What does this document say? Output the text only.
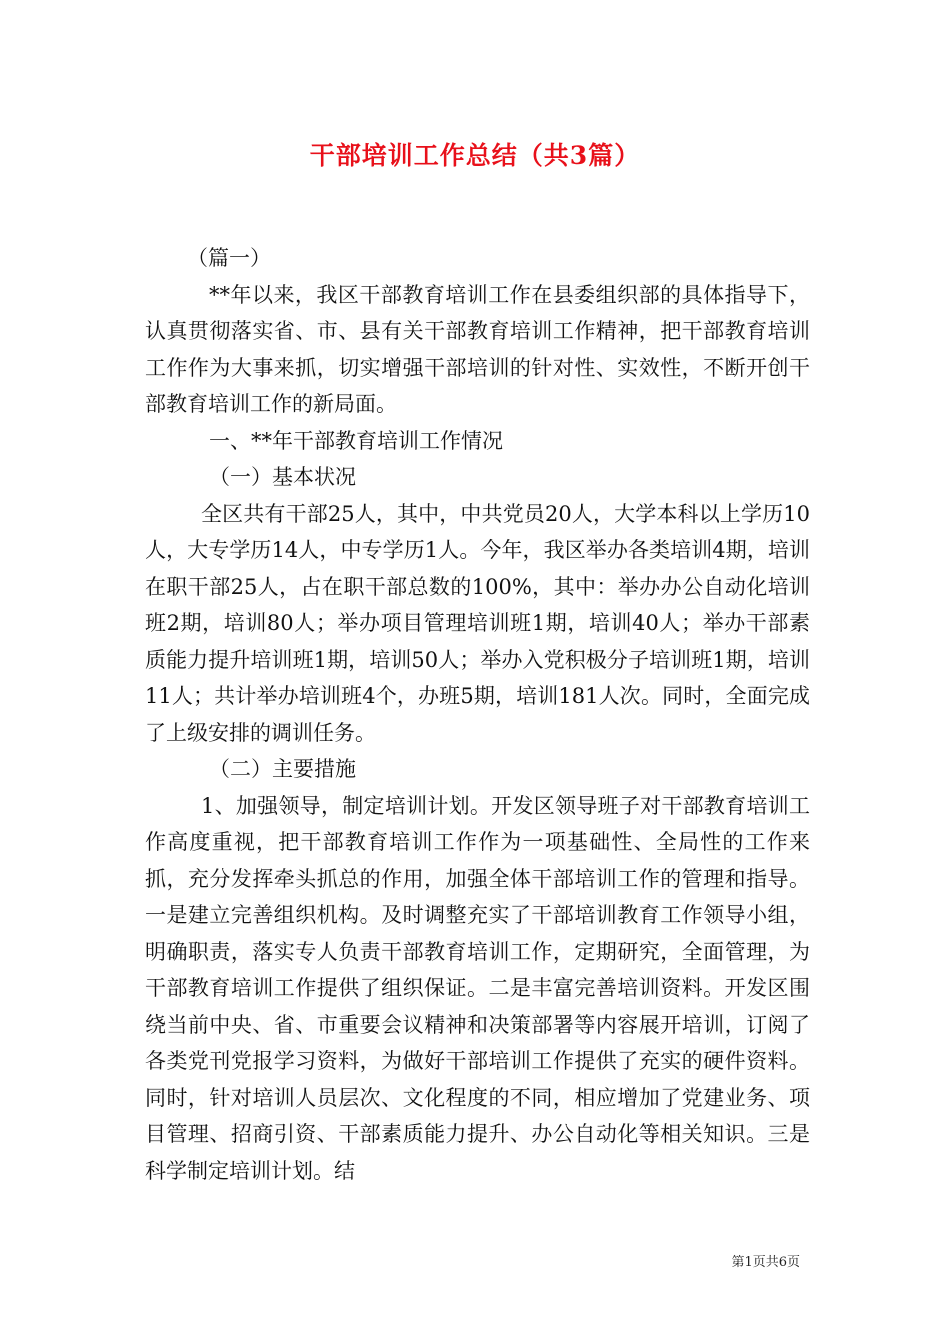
干部培训工作总结（共3篇）

（篇一）

**年以来，我区干部教育培训工作在县委组织部的具体指导下，认真贯彻落实省、市、县有关干部教育培训工作精神，把干部教育培训工作作为大事来抓，切实增强干部培训的针对性、实效性，不断开创干部教育培训工作的新局面。

一、**年干部教育培训工作情况

（一）基本状况

全区共有干部25人，其中，中共党员20人，大学本科以上学历10人，大专学历14人，中专学历1人。今年，我区举办各类培训4期，培训在职干部25人，占在职干部总数的100%，其中：举办办公自动化培训班2期，培训80人；举办项目管理培训班1期，培训40人；举办干部素质能力提升培训班1期，培训50人；举办入党积极分子培训班1期，培训11人；共计举办培训班4个，办班5期，培训181人次。同时，全面完成了上级安排的调训任务。

（二）主要措施

1、加强领导，制定培训计划。开发区领导班子对干部教育培训工作高度重视，把干部教育培训工作作为一项基础性、全局性的工作来抓，充分发挥牵头抓总的作用，加强全体干部培训工作的管理和指导。一是建立完善组织机构。及时调整充实了干部培训教育工作领导小组，明确职责，落实专人负责干部教育培训工作，定期研究，全面管理，为干部教育培训工作提供了组织保证。二是丰富完善培训资料。开发区围绕当前中央、省、市重要会议精神和决策部署等内容展开培训，订阅了各类党刊党报学习资料，为做好干部培训工作提供了充实的硬件资料。同时，针对培训人员层次、文化程度的不同，相应增加了党建业务、项目管理、招商引资、干部素质能力提升、办公自动化等相关知识。三是科学制定培训计划。结

第1页共6页
